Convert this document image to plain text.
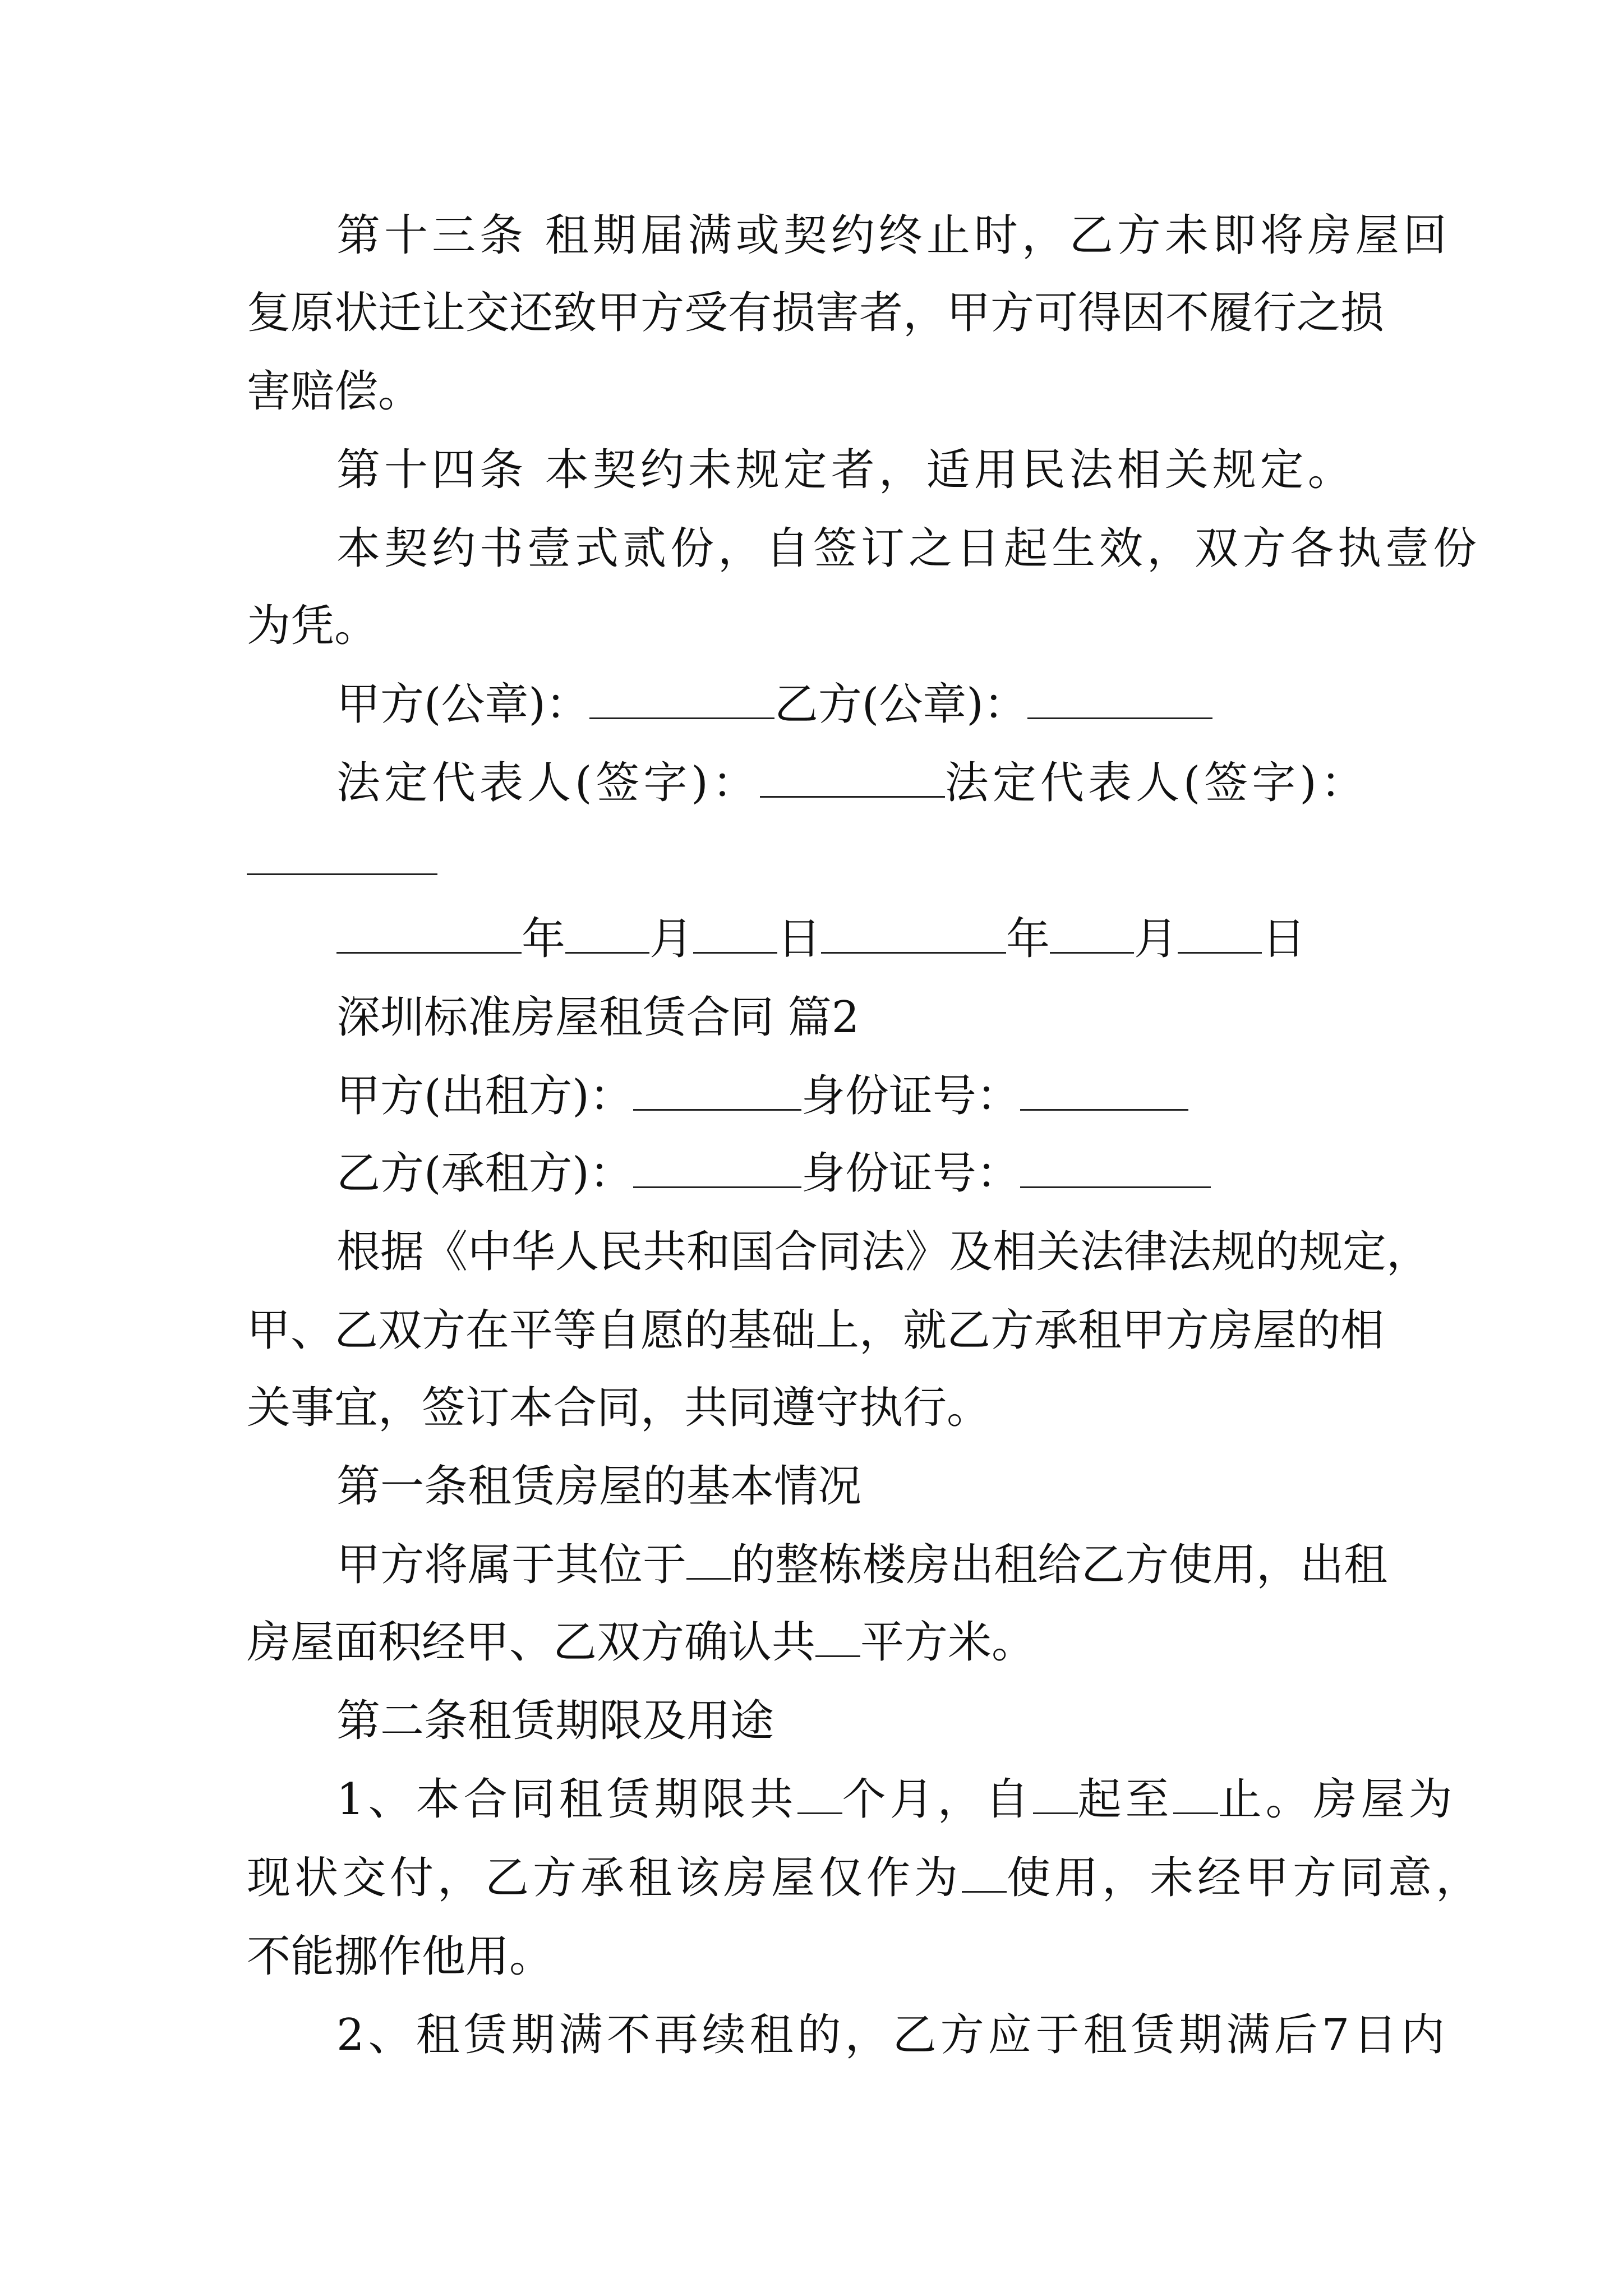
第十三条 租期届满或契约终止时，乙方未即将房屋回
复原状迁让交还致甲方受有损害者，甲方可得因不履行之损
害赔偿。
第十四条 本契约未规定者，适用民法相关规定。
本契约书壹式贰份，自签订之日起生效，双方各执壹份
为凭。
甲方(公章)：	乙方(公章)：
法定代表人(签字)：	法定代表人(签字)：
年 月 日	年 月 日
深圳标准房屋租赁合同 篇2
甲方(出租方)：	身份证号：
乙方(承租方)：	身份证号：
根据《中华人民共和国合同法》及相关法律法规的规定，
甲、乙双方在平等自愿的基础上，就乙方承租甲方房屋的相
关事宜，签订本合同，共同遵守执行。
第一条租赁房屋的基本情况
甲方将属于其位于 的整栋楼房出租给乙方使用，出租
房屋面积经甲、乙双方确认共 平方米。
第二条租赁期限及用途
1、本合同租赁期限共 个月，自 起至 止。房屋为
现状交付，乙方承租该房屋仅作为 使用，未经甲方同意，
不能挪作他用。
2、租赁期满不再续租的，乙方应于租赁期满后7日内
